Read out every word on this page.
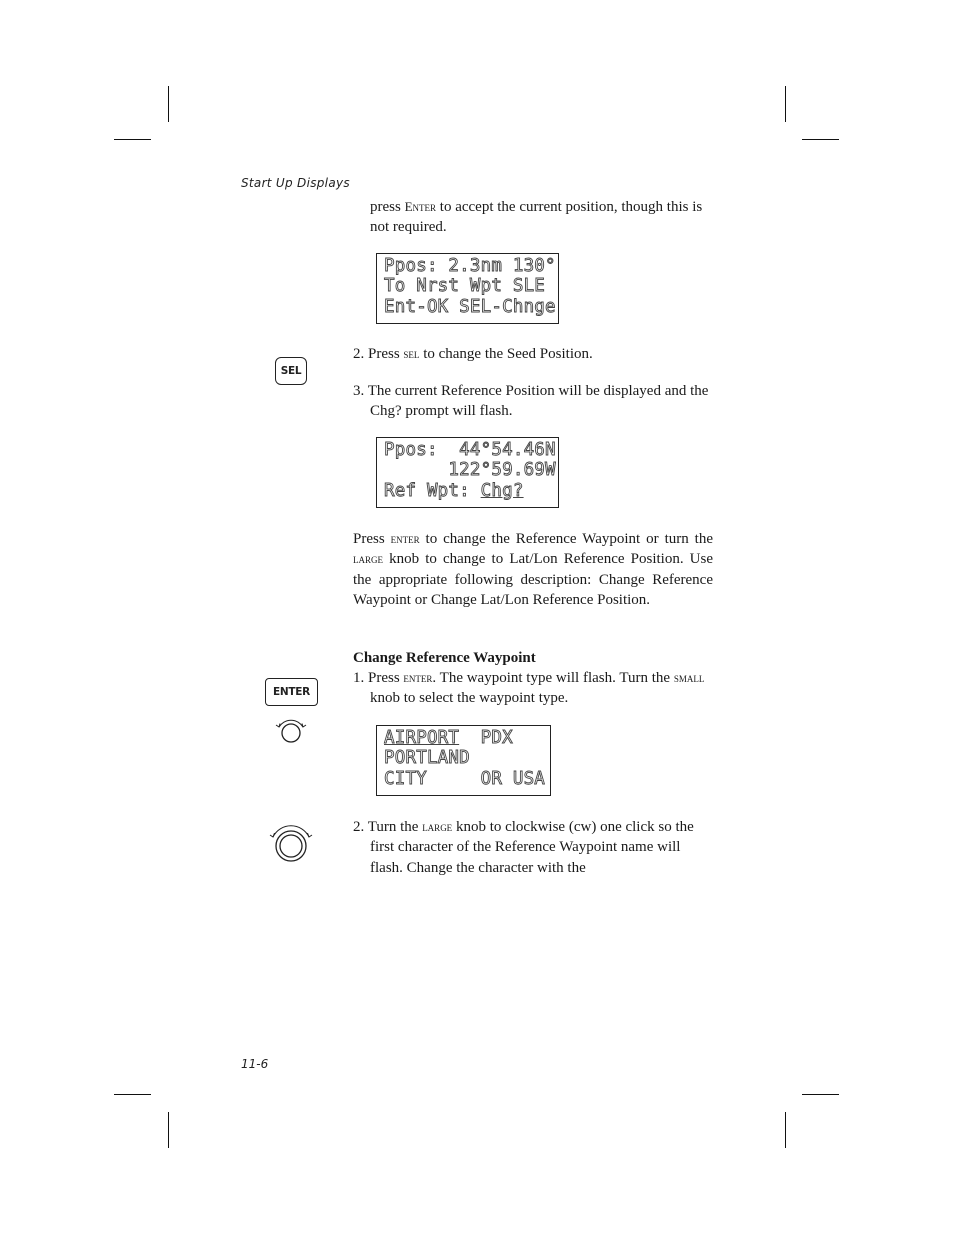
Start Up Displays

press Enter to accept the current position, though this is not required.

Ppos: 2.3nm 130°
To Nrst Wpt SLE
Ent-OK SEL-Chnge
SEL

2. Press sel to change the Seed Position.

3. The current Reference Position will be displayed and the Chg? prompt will flash.

Ppos:  44°54.46N
122°59.69W
Ref Wpt: Chg?

Press enter to change the Reference Waypoint or turn the large knob to change to Lat/Lon Reference Position. Use the appropriate following description: Change Reference Waypoint or Change Lat/Lon Reference Position.

Change Reference Waypoint

ENTER

1. Press enter. The waypoint type will flash. Turn the small knob to select the waypoint type.

AIRPORT  PDX
PORTLAND
CITY     OR USA

2. Turn the large knob to clockwise (cw) one click so the first character of the Reference Waypoint name will flash. Change the character with the

11-6
